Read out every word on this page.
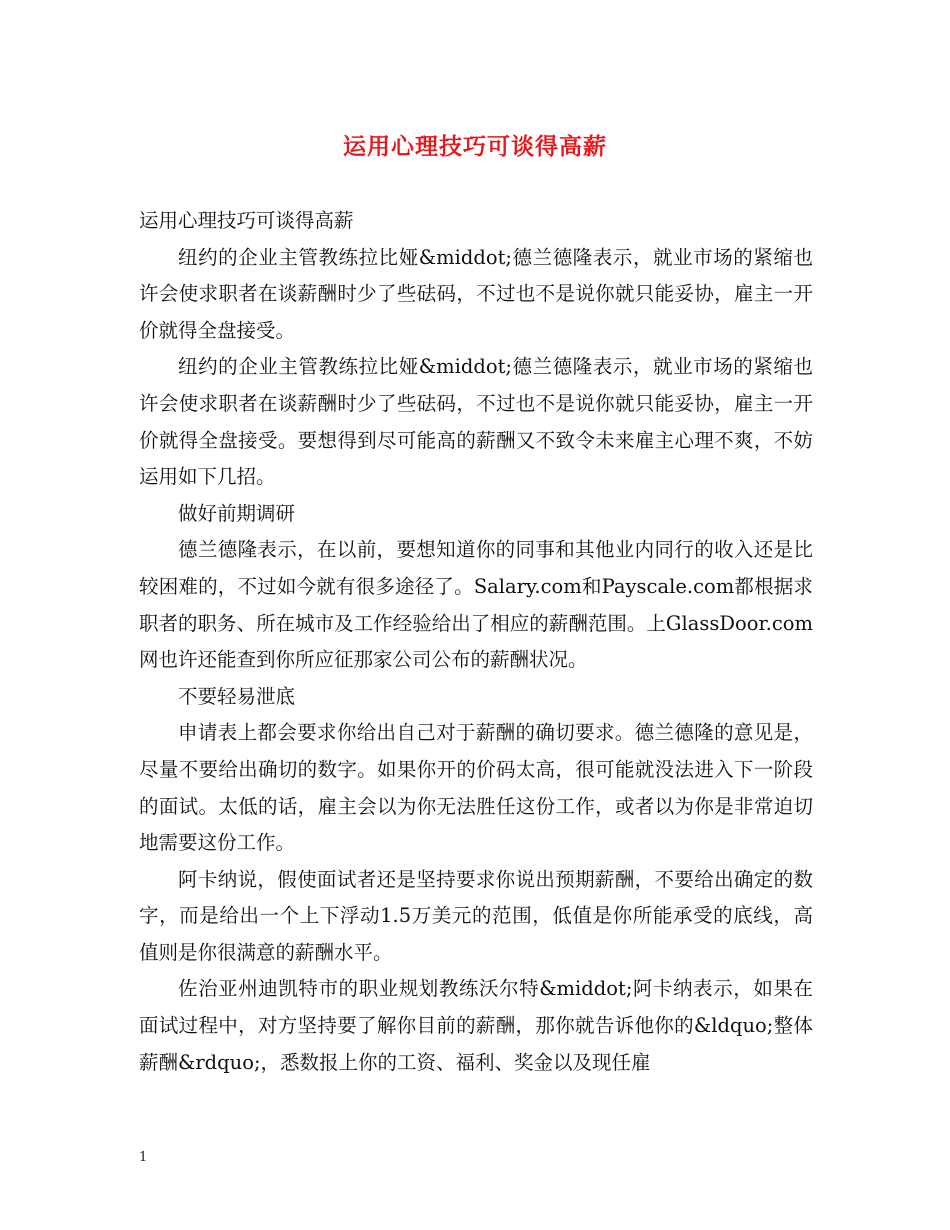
运用心理技巧可谈得高薪

运用心理技巧可谈得高薪

纽约的企业主管教练拉比娅&middot;德兰德隆表示，就业市场的紧缩也许会使求职者在谈薪酬时少了些砝码，不过也不是说你就只能妥协，雇主一开价就得全盘接受。

纽约的企业主管教练拉比娅&middot;德兰德隆表示，就业市场的紧缩也许会使求职者在谈薪酬时少了些砝码，不过也不是说你就只能妥协，雇主一开价就得全盘接受。要想得到尽可能高的薪酬又不致令未来雇主心理不爽，不妨运用如下几招。

做好前期调研

德兰德隆表示，在以前，要想知道你的同事和其他业内同行的收入还是比较困难的，不过如今就有很多途径了。Salary.com和Payscale.com都根据求职者的职务、所在城市及工作经验给出了相应的薪酬范围。上GlassDoor.com网也许还能查到你所应征那家公司公布的薪酬状况。

不要轻易泄底

申请表上都会要求你给出自己对于薪酬的确切要求。德兰德隆的意见是，尽量不要给出确切的数字。如果你开的价码太高，很可能就没法进入下一阶段的面试。太低的话，雇主会以为你无法胜任这份工作，或者以为你是非常迫切地需要这份工作。

阿卡纳说，假使面试者还是坚持要求你说出预期薪酬，不要给出确定的数字，而是给出一个上下浮动1.5万美元的范围，低值是你所能承受的底线，高值则是你很满意的薪酬水平。

佐治亚州迪凯特市的职业规划教练沃尔特&middot;阿卡纳表示，如果在面试过程中，对方坚持要了解你目前的薪酬，那你就告诉他你的&ldquo;整体薪酬&rdquo;，悉数报上你的工资、福利、奖金以及现任雇

1
